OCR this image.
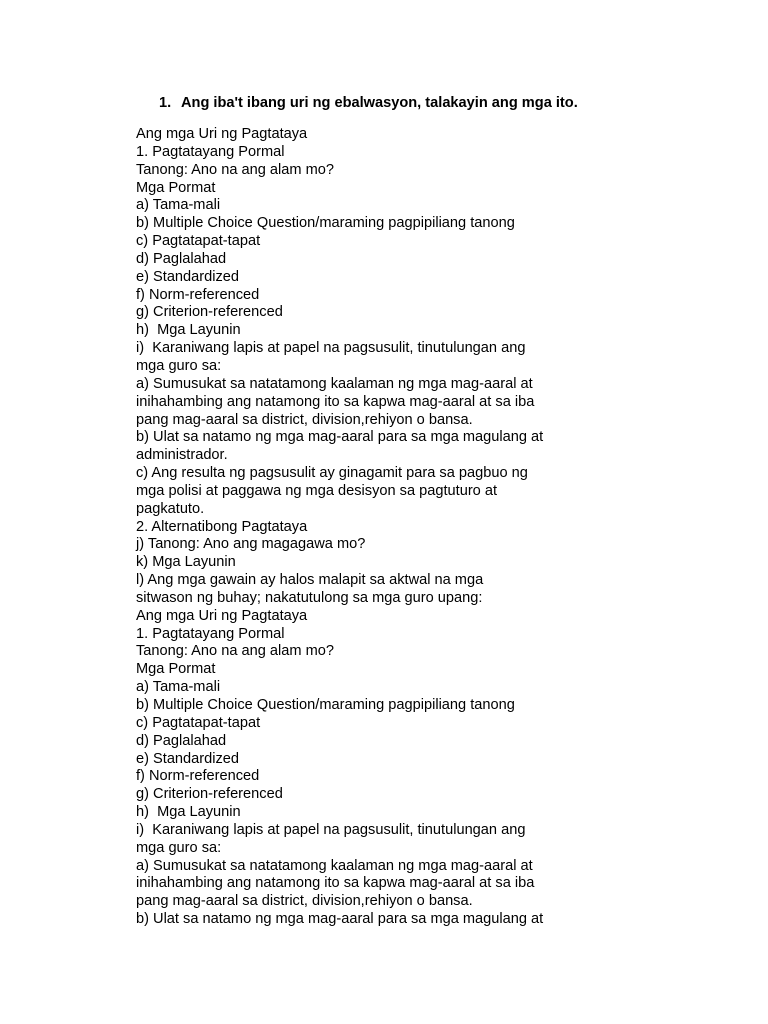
1. Ang iba't ibang uri ng ebalwasyon, talakayin ang mga ito.
Ang mga Uri ng Pagtataya
1. Pagtatayang Pormal
Tanong: Ano na ang alam mo?
Mga Pormat
a) Tama-mali
b) Multiple Choice Question/maraming pagpipiliang tanong
c) Pagtatapat-tapat
d) Paglalahad
e) Standardized
f) Norm-referenced
g) Criterion-referenced
h)  Mga Layunin
i)  Karaniwang lapis at papel na pagsusulit, tinutulungan ang
mga guro sa:
a) Sumusukat sa natatamong kaalaman ng mga mag-aaral at
inihahambing ang natamong ito sa kapwa mag-aaral at sa iba
pang mag-aaral sa district, division,rehiyon o bansa.
b) Ulat sa natamo ng mga mag-aaral para sa mga magulang at
administrador.
c) Ang resulta ng pagsusulit ay ginagamit para sa pagbuo ng
mga polisi at paggawa ng mga desisyon sa pagtuturo at
pagkatuto.
2. Alternatibong Pagtataya
j) Tanong: Ano ang magagawa mo?
k) Mga Layunin
l) Ang mga gawain ay halos malapit sa aktwal na mga
sitwason ng buhay; nakatutulong sa mga guro upang:
Ang mga Uri ng Pagtataya
1. Pagtatayang Pormal
Tanong: Ano na ang alam mo?
Mga Pormat
a) Tama-mali
b) Multiple Choice Question/maraming pagpipiliang tanong
c) Pagtatapat-tapat
d) Paglalahad
e) Standardized
f) Norm-referenced
g) Criterion-referenced
h)  Mga Layunin
i)  Karaniwang lapis at papel na pagsusulit, tinutulungan ang
mga guro sa:
a) Sumusukat sa natatamong kaalaman ng mga mag-aaral at
inihahambing ang natamong ito sa kapwa mag-aaral at sa iba
pang mag-aaral sa district, division,rehiyon o bansa.
b) Ulat sa natamo ng mga mag-aaral para sa mga magulang at
